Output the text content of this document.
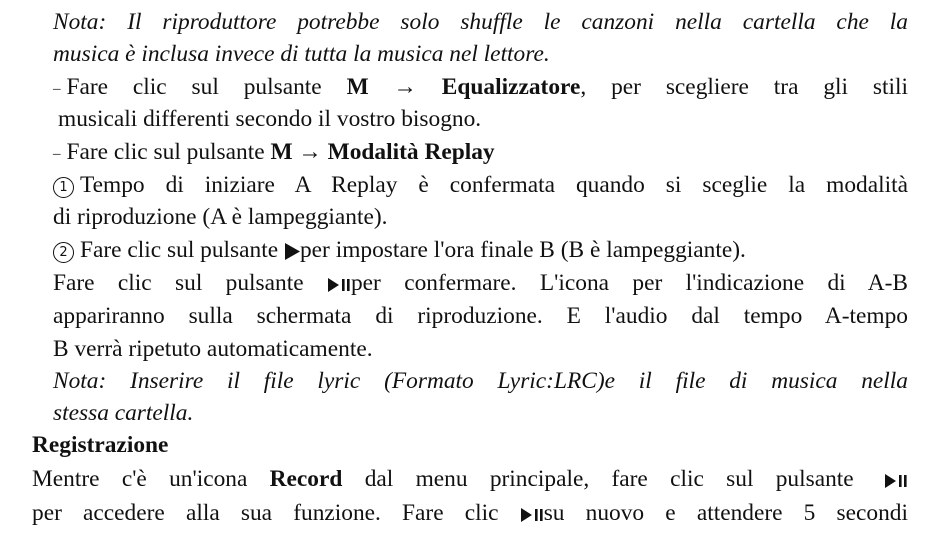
Nota: Il riproduttore potrebbe solo shuffle le canzoni nella cartella che la
musica è inclusa invece di tutta la musica nel lettore.
– Fare clic sul pulsante M → Equalizzatore, per scegliere tra gli stili
musicali differenti secondo il vostro bisogno.
– Fare clic sul pulsante M → Modalità Replay
1 Tempo di iniziare A Replay è confermata quando si sceglie la modalità
di riproduzione (A è lampeggiante).
2 Fare clic sul pulsante per impostare l'ora finale B (B è lampeggiante).
Fare clic sul pulsante per confermare. L'icona per l'indicazione di A-B
appariranno sulla schermata di riproduzione. E l'audio dal tempo A-tempo
B verrà ripetuto automaticamente.
Nota: Inserire il file lyric (Formato Lyric:LRC)e il file di musica nella
stessa cartella.
Registrazione
Mentre c'è un'icona Record dal menu principale, fare clic sul pulsante
per accedere alla sua funzione. Fare clic su nuovo e attendere 5 secondi
